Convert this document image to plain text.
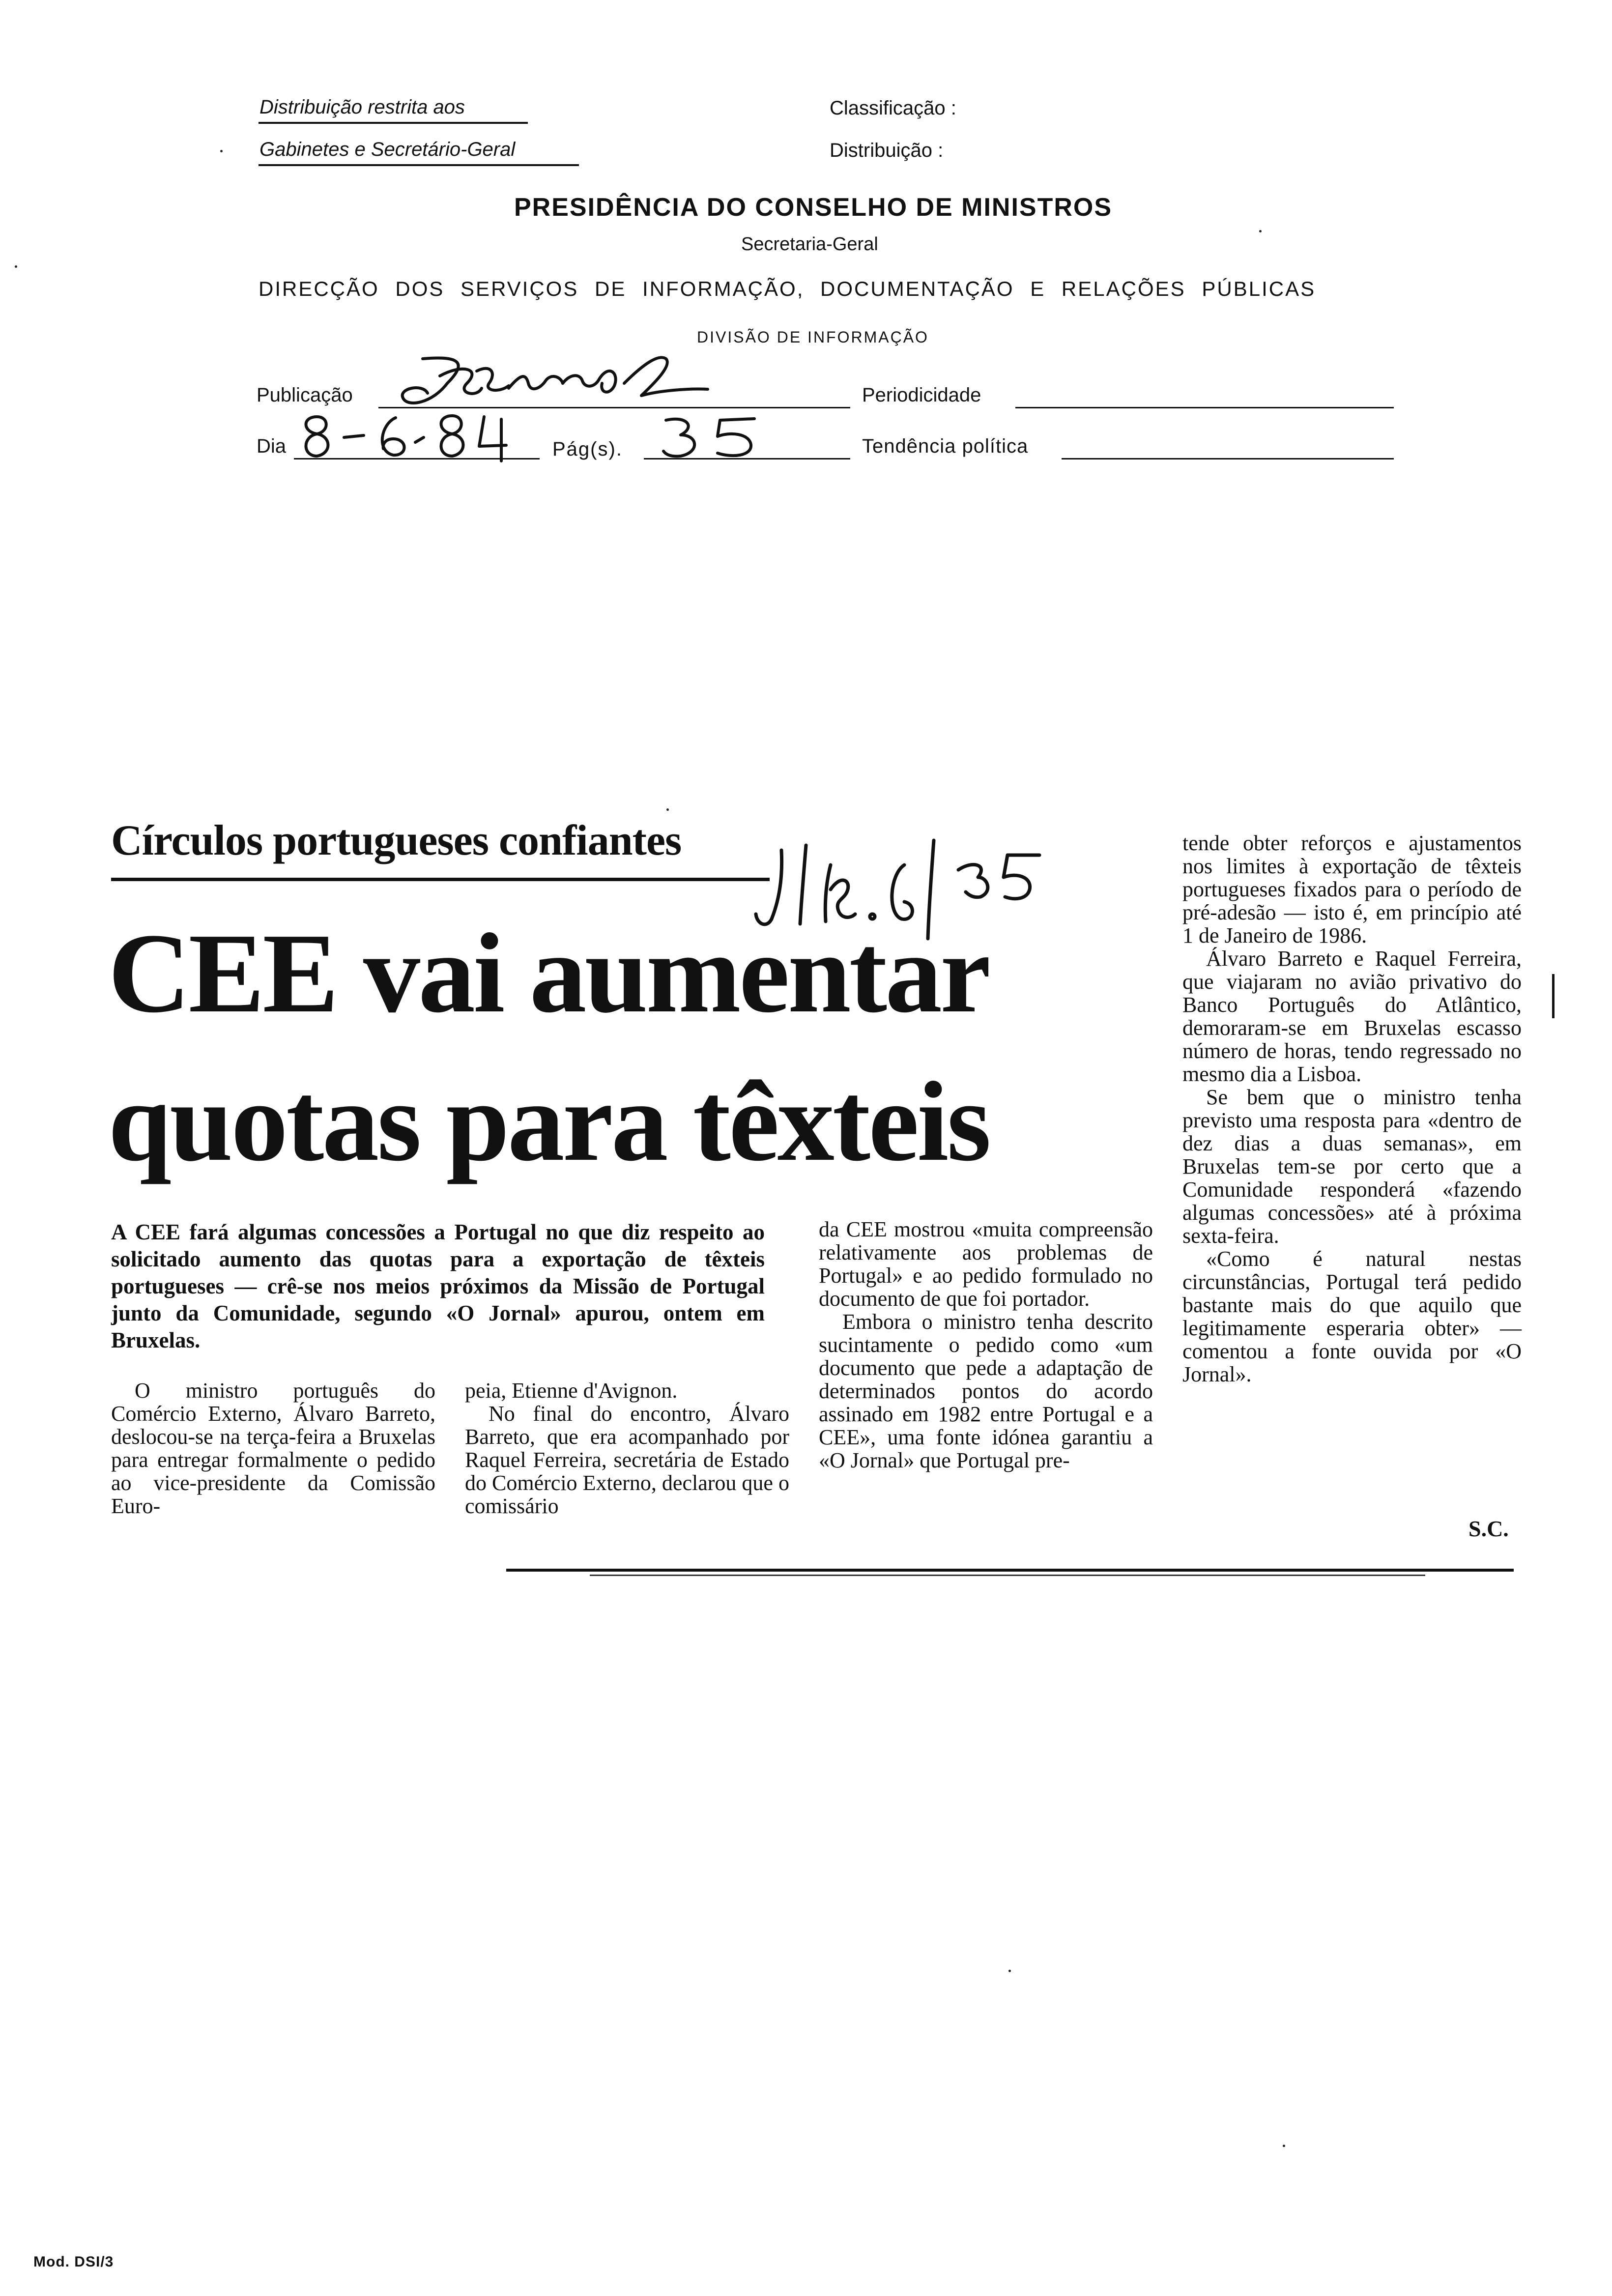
Distribuição restrita aos
Gabinetes e Secretário-Geral
Classificação :
Distribuição :
PRESIDÊNCIA DO CONSELHO DE MINISTROS
Secretaria-Geral
DIRECÇÃO DOS SERVIÇOS DE INFORMAÇÃO, DOCUMENTAÇÃO E RELAÇÕES PÚBLICAS
DIVISÃO DE INFORMAÇÃO
Publicação	Periodicidade
Dia	Pág(s).	Tendência política
Círculos portugueses confiantes
CEE vai aumentar
quotas para têxteis
A CEE fará algumas concessões a Portugal no que diz respeito ao solicitado aumento das quotas para a exportação de têxteis portugueses — crê-se nos meios próximos da Missão de Portugal junto da Comunidade, segundo «O Jornal» apurou, ontem em Bruxelas.

O ministro português do Comércio Externo, Álvaro Barreto, deslocou-se na terça-feira a Bruxelas para entregar formalmente o pedido ao vice-presidente da Comissão Euro-

peia, Etienne d'Avignon.

No final do encontro, Álvaro Barreto, que era acompanhado por Raquel Ferreira, secretária de Estado do Comércio Externo, declarou que o comissário

da CEE mostrou «muita compreensão relativamente aos problemas de Portugal» e ao pedido formulado no documento de que foi portador.

Embora o ministro tenha descrito sucintamente o pedido como «um documento que pede a adaptação de determinados pontos do acordo assinado em 1982 entre Portugal e a CEE», uma fonte idónea garantiu a «O Jornal» que Portugal pre-

tende obter reforços e ajustamentos nos limites à exportação de têxteis portugueses fixados para o período de pré-adesão — isto é, em princípio até 1 de Janeiro de 1986.

Álvaro Barreto e Raquel Ferreira, que viajaram no avião privativo do Banco Português do Atlântico, demoraram-se em Bruxelas escasso número de horas, tendo regressado no mesmo dia a Lisboa.

Se bem que o ministro tenha previsto uma resposta para «dentro de dez dias a duas semanas», em Bruxelas tem-se por certo que a Comunidade responderá «fazendo algumas concessões» até à próxima sexta-feira.

«Como é natural nestas circunstâncias, Portugal terá pedido bastante mais do que aquilo que legitimamente esperaria obter» — comentou a fonte ouvida por «O Jornal».

S.C.
Mod. DSI/3
